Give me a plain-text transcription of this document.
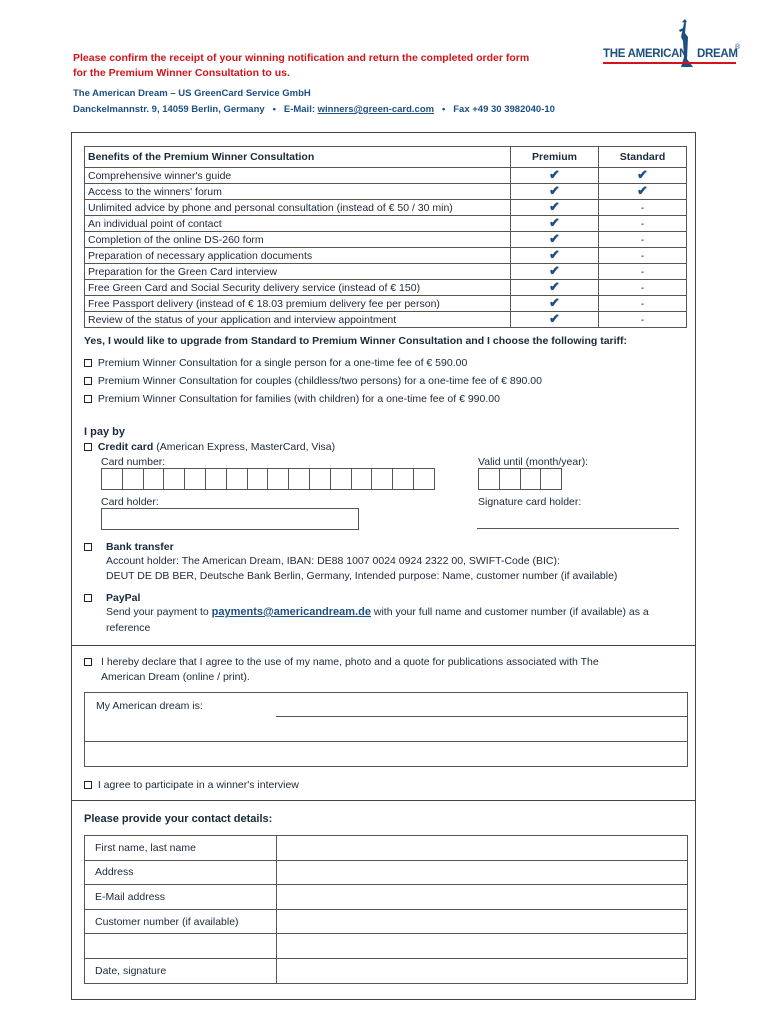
Please confirm the receipt of your winning notification and return the completed order form
for the Premium Winner Consultation to us.
The American Dream – US GreenCard Service GmbH
Danckelmannstr. 9, 14059 Berlin, Germany • E-Mail: winners@green-card.com • Fax +49 30 3982040-10
THE AMERICAN DREAM
®
Benefits of the Premium Winner Consultation	Premium	Standard
Comprehensive winner's guide	✔	✔
Access to the winners' forum	✔	✔
Unlimited advice by phone and personal consultation (instead of € 50 / 30 min)	✔	-
An individual point of contact	✔	-
Completion of the online DS-260 form	✔	-
Preparation of necessary application documents	✔	-
Preparation for the Green Card interview	✔	-
Free Green Card and Social Security delivery service (instead of € 150)	✔	-
Free Passport delivery (instead of € 18.03 premium delivery fee per person)	✔	-
Review of the status of your application and interview appointment	✔	-
Yes, I would like to upgrade from Standard to Premium Winner Consultation and I choose the following tariff:
Premium Winner Consultation for a single person for a one-time fee of € 590.00
Premium Winner Consultation for couples (childless/two persons) for a one-time fee of € 890.00
Premium Winner Consultation for families (with children) for a one-time fee of € 990.00
I pay by
Credit card (American Express, MasterCard, Visa)
Card number:	Valid until (month/year):
Card holder:	Signature card holder:
Bank transfer
Account holder: The American Dream, IBAN: DE88 1007 0024 0924 2322 00, SWIFT-Code (BIC):
DEUT DE DB BER, Deutsche Bank Berlin, Germany, Intended purpose: Name, customer number (if available)
PayPal
Send your payment to payments@americandream.de with your full name and customer number (if available) as a
reference
I hereby declare that I agree to the use of my name, photo and a quote for publications associated with The
American Dream (online / print).
My American dream is:
I agree to participate in a winner's interview
Please provide your contact details:
First name, last name	
Address	
E-Mail address	
Customer number (if available)	

Date, signature	
